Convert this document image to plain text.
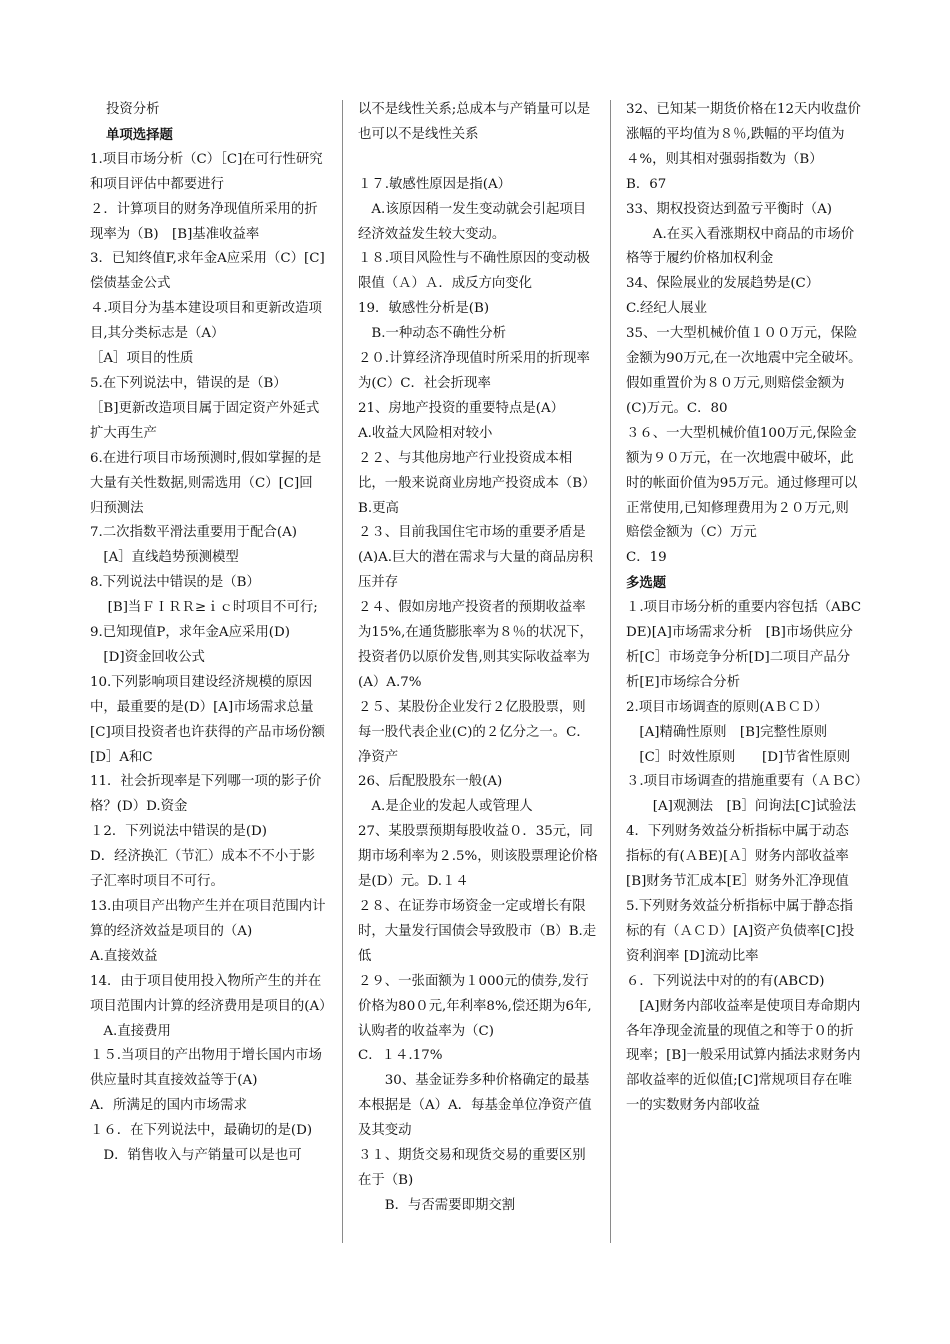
投资分析

单项选择题

1.项目市场分析（C）［C]在可行性研究和项目评估中都要进行

２．计算项目的财务净现值所采用的折现率为（B)　[B]基准收益率

3．已知终值F,求年金A应采用（C）[C]偿债基金公式

４.项目分为基本建设项目和更新改造项目,其分类标志是（A）

［A］项目的性质

5.在下列说法中，错误的是（B）

［B]更新改造项目属于固定资产外延式扩大再生产

6.在进行项目市场预测时,假如掌握的是大量有关性数据,则需选用（C）[C]回归预测法

7.二次指数平滑法重要用于配合(A)

　[A］直线趋势预测模型

8.下列说法中错误的是（B）

　 [B]当ＦＩＲＲ≥ｉｃ时项目不可行;

9.已知现值P，求年金A应采用(D)

　[D]资金回收公式

10.下列影响项目建设经济规模的原因中，最重要的是(D）[A]市场需求总量　[C]项目投资者也许获得的产品市场份额 [D］A和C

11．社会折现率是下列哪一项的影子价格？(D）D.资金

１2．下列说法中错误的是(D)

D．经济换汇（节汇）成本不不小于影子汇率时项目不可行。

13.由项目产出物产生并在项目范围内计算的经济效益是项目的（A)

A.直接效益

14．由于项目使用投入物所产生的并在项目范围内计算的经济费用是项目的(A）

　A.直接费用

１５.当项目的产出物用于增长国内市场供应量时其直接效益等于(A)

A．所满足的国内市场需求

１６．在下列说法中，最确切的是(D)

　D．销售收入与产销量可以是也可

以不是线性关系;总成本与产销量可以是也可以不是线性关系

１７.敏感性原因是指(A）

　A.该原因稍一发生变动就会引起项目经济效益发生较大变动。

１８.项目风险性与不确性原因的变动极限值（Ａ）Ａ．成反方向变化

19．敏感性分析是(B)

　B.一种动态不确性分析

２０.计算经济净现值时所采用的折现率为(C）C．社会折现率

21、房地产投资的重要特点是(A）

A.收益大风险相对较小

２２、与其他房地产行业投资成本相比，一般来说商业房地产投资成本（B）

B.更高

２３、目前我国住宅市场的重要矛盾是(A)A.巨大的潜在需求与大量的商品房积压并存

２４、假如房地产投资者的预期收益率为15%,在通货膨胀率为８％的状况下，投资者仍以原价发售,则其实际收益率为(A）A.7%

２５、某股份企业发行２亿股股票，则每一股代表企业(C)的２亿分之一。C．净资产

26、后配股股东一般(A)

　A.是企业的发起人或管理人

27、某股票预期每股收益０．35元，同期市场利率为２.5%，则该股票理论价格是(D）元。D.１４

２８、在证券市场资金一定或增长有限时，大量发行国债会导致股市（B）B.走低

２９、一张面额为１000元的债券,发行价格为80０元,年利率8%,偿还期为6年,认购者的收益率为（C)

C．１４.17%

　　30、基金证券多种价格确定的最基本根据是（A）A．每基金单位净资产值及其变动

３１、期货交易和现货交易的重要区别在于（B)

　　B．与否需要即期交割

32、已知某一期货价格在12天内收盘价涨幅的平均值为８％,跌幅的平均值为４%，则其相对强弱指数为（B）

B．67

33、期权投资达到盈亏平衡时（A)

　　A.在买入看涨期权中商品的市场价格等于履约价格加权利金

34、保险展业的发展趋势是(C）

C.经纪人展业

35、一大型机械价值１００万元，保险金额为90万元,在一次地震中完全破坏。假如重置价为８０万元,则赔偿金额为(C)万元。C．80

３６、一大型机械价值100万元,保险金额为９０万元，在一次地震中破坏，此时的帐面价值为95万元。通过修理可以正常使用,已知修理费用为２０万元,则赔偿金额为（C）万元

C．19

多选题

１.项目市场分析的重要内容包括（ABCDE)[A]市场需求分析　[B]市场供应分析[C］市场竞争分析[D]二项目产品分析[E]市场综合分析

2.项目市场调查的原则(AＢＣＤ）

　[A]精确性原则　[B]完整性原则

　[C］时效性原则　　[D]节省性原则

３.项目市场调查的措施重要有（ＡＢC）

　　[A]观测法　[B］问询法[C]试验法

4．下列财务效益分析指标中属于动态指标的有(ＡBE)[Ａ］财务内部收益率　[B]财务节汇成本[E］财务外汇净现值

5.下列财务效益分析指标中属于静态指标的有（ＡＣＤ）[A]资产负债率[C]投资利润率 [D]流动比率

６．下列说法中对的的有(ABCD)

　[A]财务内部收益率是使项目寿命期内各年净现金流量的现值之和等于０的折现率；[B]一般采用试算内插法求财务内部收益率的近似值;[C]常规项目存在唯一的实数财务内部收益
